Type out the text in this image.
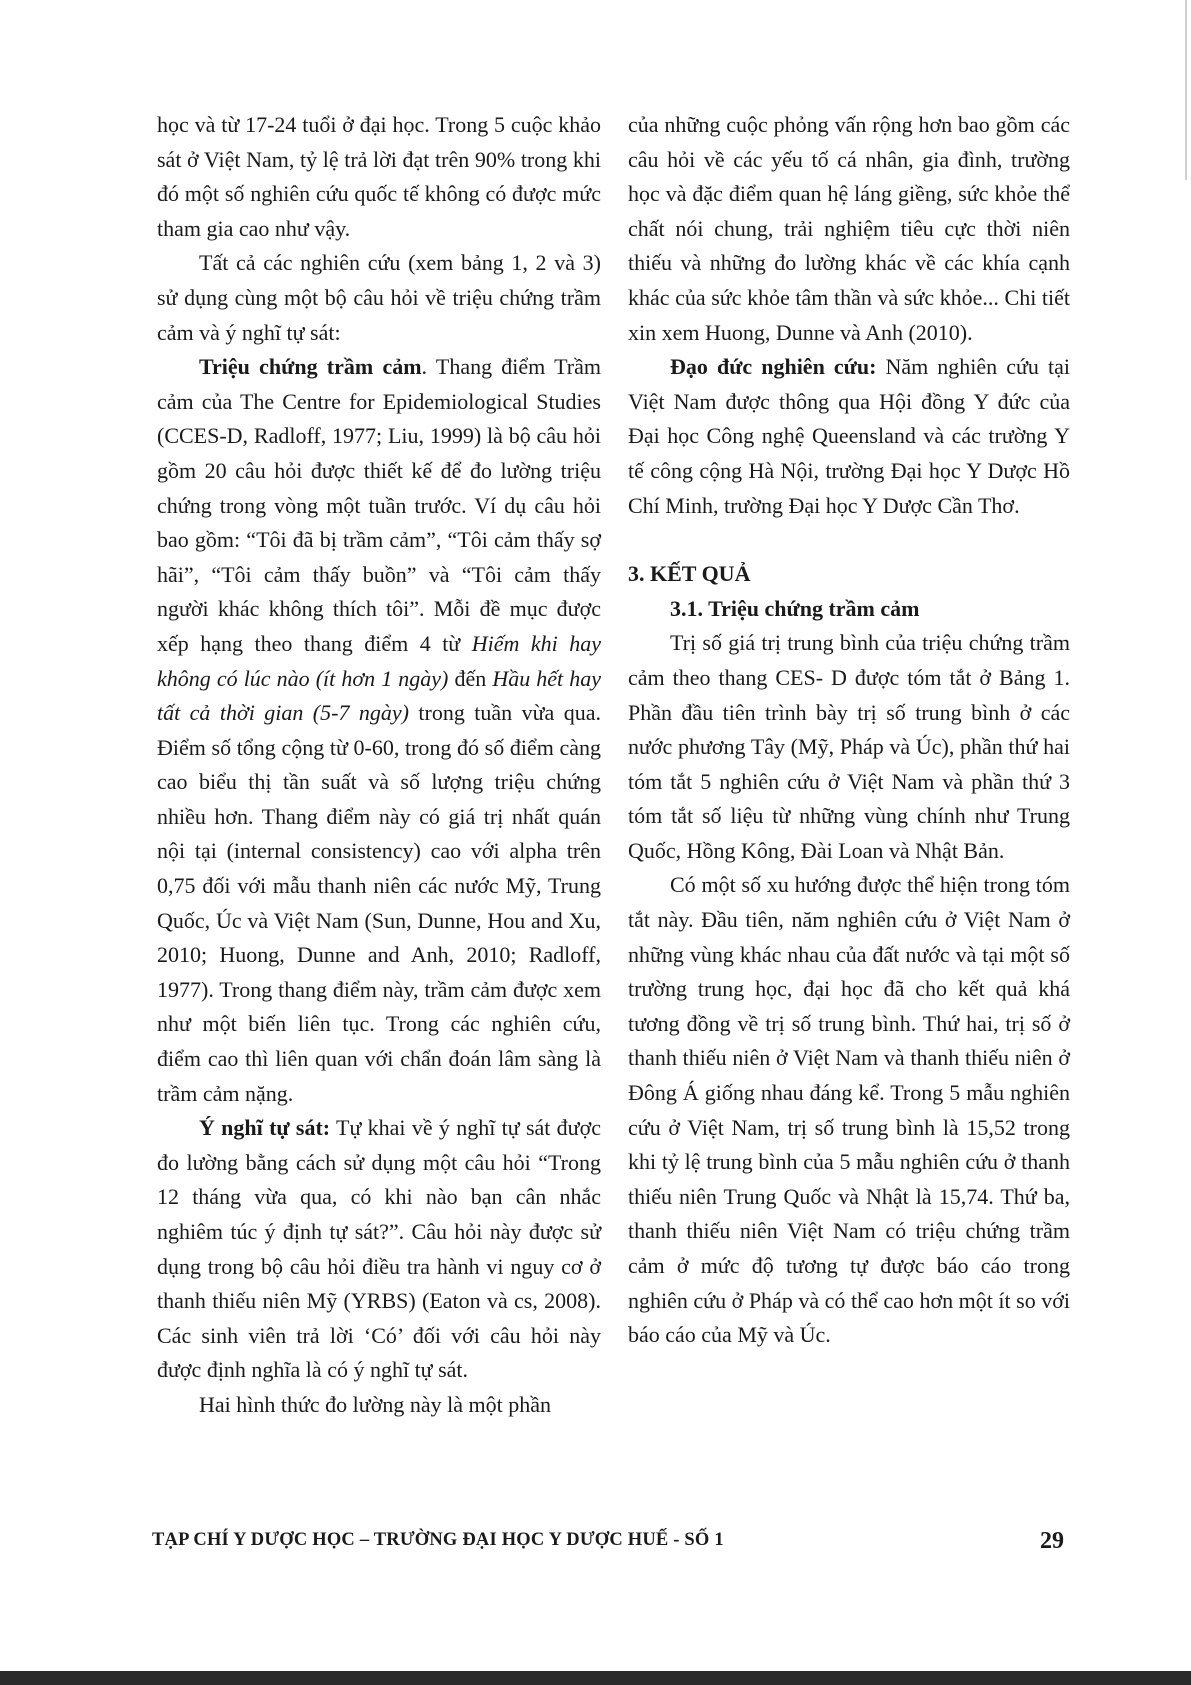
học và từ 17-24 tuổi ở đại học. Trong 5 cuộc khảo sát ở Việt Nam, tỷ lệ trả lời đạt trên 90% trong khi đó một số nghiên cứu quốc tế không có được mức tham gia cao như vậy.

Tất cả các nghiên cứu (xem bảng 1, 2 và 3) sử dụng cùng một bộ câu hỏi về triệu chứng trầm cảm và ý nghĩ tự sát:

Triệu chứng trầm cảm. Thang điểm Trầm cảm của The Centre for Epidemiological Studies (CCES-D, Radloff, 1977; Liu, 1999) là bộ câu hỏi gồm 20 câu hỏi được thiết kế để đo lường triệu chứng trong vòng một tuần trước. Ví dụ câu hỏi bao gồm: “Tôi đã bị trầm cảm”, “Tôi cảm thấy sợ hãi”, “Tôi cảm thấy buồn” và “Tôi cảm thấy người khác không thích tôi”. Mỗi đề mục được xếp hạng theo thang điểm 4 từ Hiếm khi hay không có lúc nào (ít hơn 1 ngày) đến Hầu hết hay tất cả thời gian (5-7 ngày) trong tuần vừa qua. Điểm số tổng cộng từ 0-60, trong đó số điểm càng cao biểu thị tần suất và số lượng triệu chứng nhiều hơn. Thang điểm này có giá trị nhất quán nội tại (internal consistency) cao với alpha trên 0,75 đối với mẫu thanh niên các nước Mỹ, Trung Quốc, Úc và Việt Nam (Sun, Dunne, Hou and Xu, 2010; Huong, Dunne and Anh, 2010; Radloff, 1977). Trong thang điểm này, trầm cảm được xem như một biến liên tục. Trong các nghiên cứu, điểm cao thì liên quan với chẩn đoán lâm sàng là trầm cảm nặng.

Ý nghĩ tự sát: Tự khai về ý nghĩ tự sát được đo lường bằng cách sử dụng một câu hỏi “Trong 12 tháng vừa qua, có khi nào bạn cân nhắc nghiêm túc ý định tự sát?”. Câu hỏi này được sử dụng trong bộ câu hỏi điều tra hành vi nguy cơ ở thanh thiếu niên Mỹ (YRBS) (Eaton và cs, 2008). Các sinh viên trả lời ‘Có’ đối với câu hỏi này được định nghĩa là có ý nghĩ tự sát.

Hai hình thức đo lường này là một phần

của những cuộc phỏng vấn rộng hơn bao gồm các câu hỏi về các yếu tố cá nhân, gia đình, trường học và đặc điểm quan hệ láng giềng, sức khỏe thể chất nói chung, trải nghiệm tiêu cực thời niên thiếu và những đo lường khác về các khía cạnh khác của sức khỏe tâm thần và sức khỏe... Chi tiết xin xem Huong, Dunne và Anh (2010).

Đạo đức nghiên cứu: Năm nghiên cứu tại Việt Nam được thông qua Hội đồng Y đức của Đại học Công nghệ Queensland và các trường Y tế công cộng Hà Nội, trường Đại học Y Dược Hồ Chí Minh, trường Đại học Y Dược Cần Thơ.

3. KẾT QUẢ

3.1. Triệu chứng trầm cảm

Trị số giá trị trung bình của triệu chứng trầm cảm theo thang CES- D được tóm tắt ở Bảng 1. Phần đầu tiên trình bày trị số trung bình ở các nước phương Tây (Mỹ, Pháp và Úc), phần thứ hai tóm tắt 5 nghiên cứu ở Việt Nam và phần thứ 3 tóm tắt số liệu từ những vùng chính như Trung Quốc, Hồng Kông, Đài Loan và Nhật Bản.

Có một số xu hướng được thể hiện trong tóm tắt này. Đầu tiên, năm nghiên cứu ở Việt Nam ở những vùng khác nhau của đất nước và tại một số trường trung học, đại học đã cho kết quả khá tương đồng về trị số trung bình. Thứ hai, trị số ở thanh thiếu niên ở Việt Nam và thanh thiếu niên ở Đông Á giống nhau đáng kể. Trong 5 mẫu nghiên cứu ở Việt Nam, trị số trung bình là 15,52 trong khi tỷ lệ trung bình của 5 mẫu nghiên cứu ở thanh thiếu niên Trung Quốc và Nhật là 15,74. Thứ ba, thanh thiếu niên Việt Nam có triệu chứng trầm cảm ở mức độ tương tự được báo cáo trong nghiên cứu ở Pháp và có thể cao hơn một ít so với báo cáo của Mỹ và Úc.

TẠP CHÍ Y DƯỢC HỌC – TRƯỜNG ĐẠI HỌC Y DƯỢC HUẾ - SỐ 1	29
